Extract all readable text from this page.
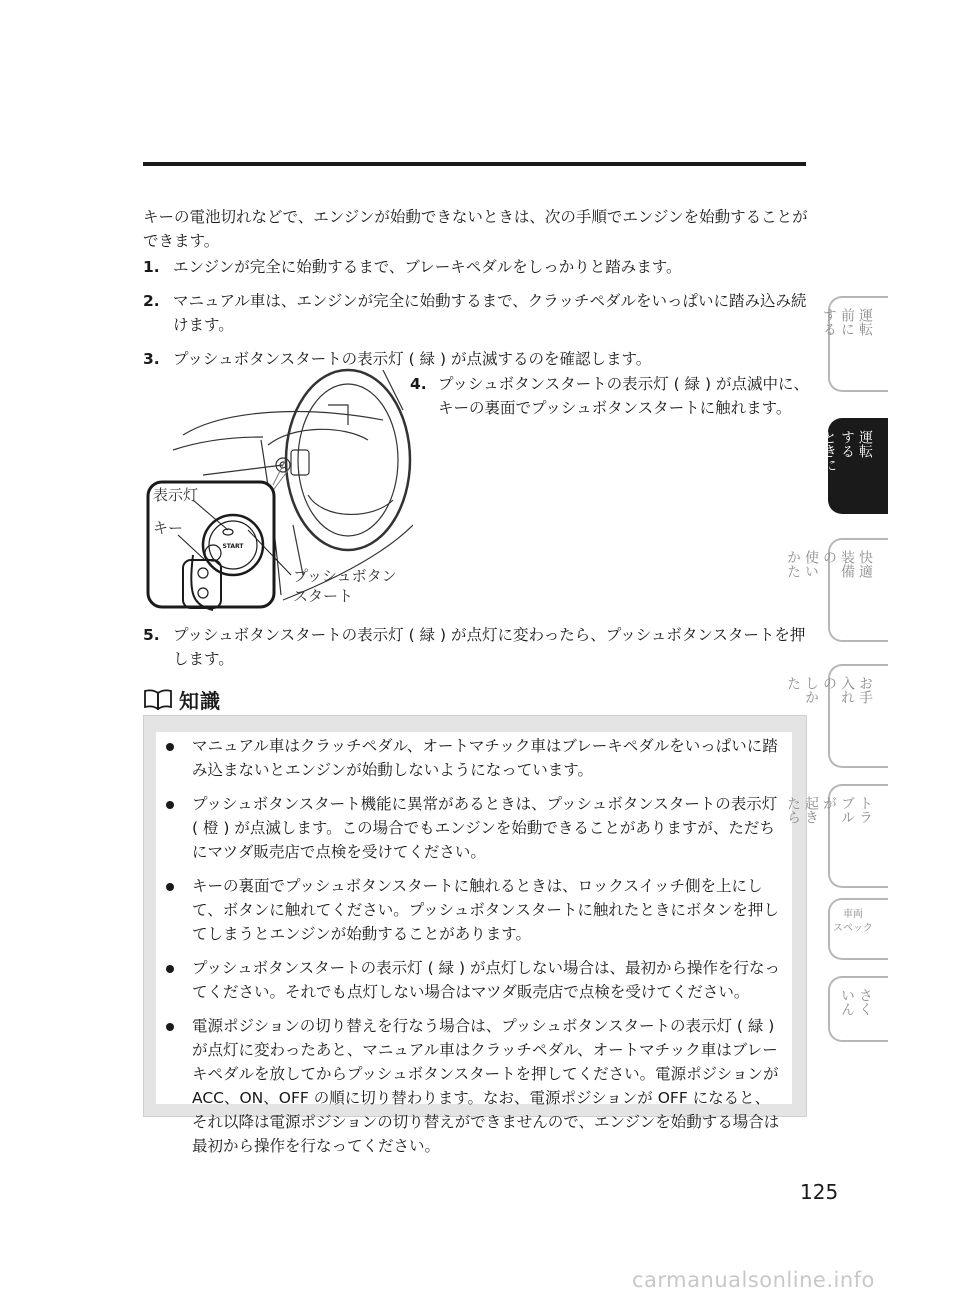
キーの電池切れなどで、エンジンが始動できないときは、次の手順でエンジンを始動することができます。

1. エンジンが完全に始動するまで、ブレーキペダルをしっかりと踏みます。
2. マニュアル車は、エンジンが完全に始動するまで、クラッチペダルをいっぱいに踏み込み続けます。
3. プッシュボタンスタートの表示灯 ( 緑 ) が点滅するのを確認します。
4. プッシュボタンスタートの表示灯 ( 緑 ) が点滅中に、キーの裏面でプッシュボタンスタートに触れます。
START
表示灯
キー
プッシュボタン
スタート
5. プッシュボタンスタートの表示灯 ( 緑 ) が点灯に変わったら、プッシュボタンスタートを押します。
知識
マニュアル車はクラッチペダル、オートマチック車はブレーキペダルをいっぱいに踏み込まないとエンジンが始動しないようになっています。
プッシュボタンスタート機能に異常があるときは、プッシュボタンスタートの表示灯 ( 橙 ) が点滅します。この場合でもエンジンを始動できることがありますが、ただちにマツダ販売店で点検を受けてください。
キーの裏面でプッシュボタンスタートに触れるときは、ロックスイッチ側を上にして、ボタンに触れてください。プッシュボタンスタートに触れたときにボタンを押してしまうとエンジンが始動することがあります。
プッシュボタンスタートの表示灯 ( 緑 ) が点灯しない場合は、最初から操作を行なってください。それでも点灯しない場合はマツダ販売店で点検を受けてください。
電源ポジションの切り替えを行なう場合は、プッシュボタンスタートの表示灯 ( 緑 ) が点灯に変わったあと、マニュアル車はクラッチペダル、オートマチック車はブレーキペダルを放してからプッシュボタンスタートを押してください。電源ポジションが ACC、ON、OFF の順に切り替わります。なお、電源ポジションが OFF になると、それ以降は電源ポジションの切り替えができませんので、エンジンを始動する場合は最初から操作を行なってください。
運転
前に
する
運転
する
ときに
快適
装備
の
使い
かた
お手
入れ
の
しか
た
トラ
ブル
が
起き
たら
車両
スペック
さく
いん
125
carmanualsonline.info
